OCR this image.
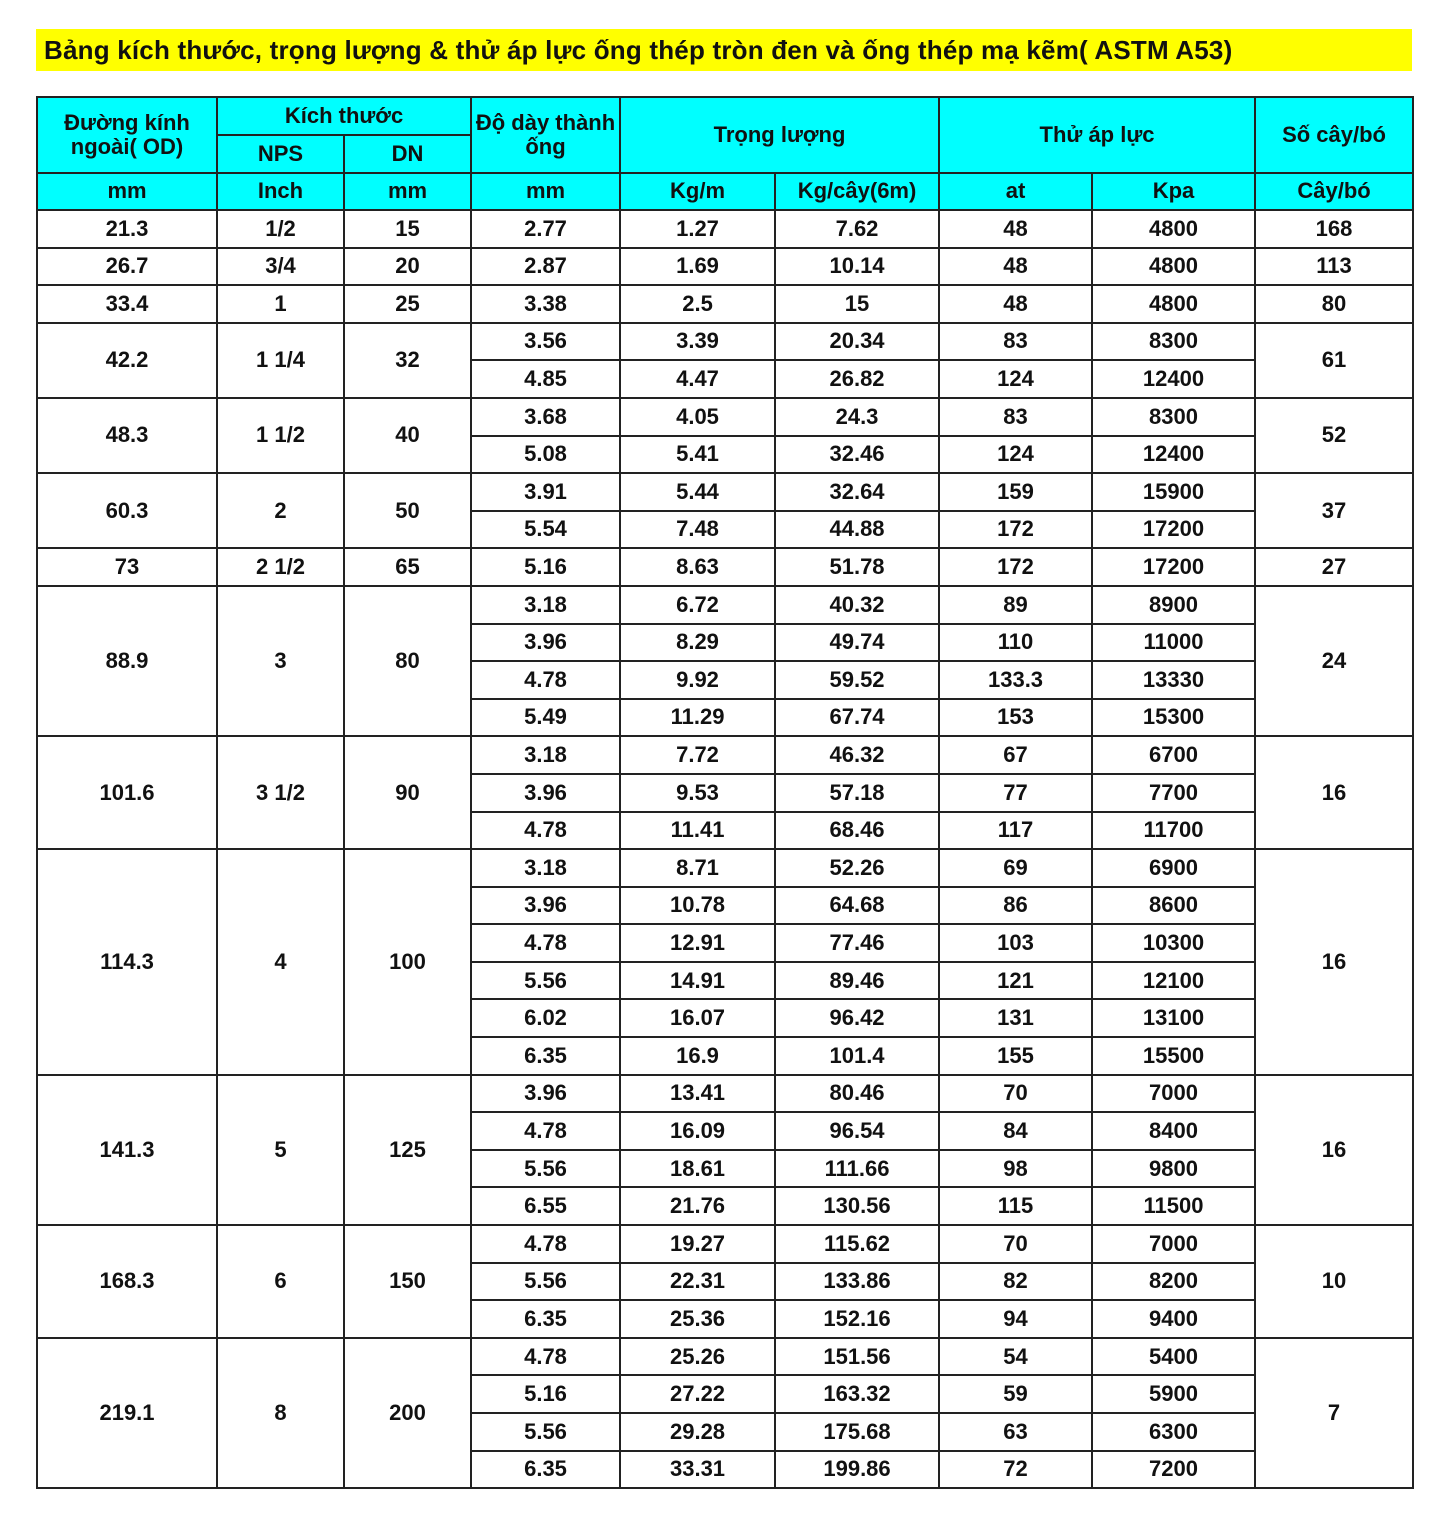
Bảng kích thước, trọng lượng & thử áp lực ống thép tròn đen và ống thép mạ kẽm( ASTM A53)
Đường kính ngoài( OD)	Kích thước		Độ dày thành ống	Trọng lượng		Thử áp lực		Số cây/bó
	NPS	DN						
mm	Inch	mm	mm	Kg/m	Kg/cây(6m)	at	Kpa	Cây/bó
21.3	1/2	15	2.77	1.27	7.62	48	4800	168
26.7	3/4	20	2.87	1.69	10.14	48	4800	113
33.4	1	25	3.38	2.5	15	48	4800	80
42.2	1 1/4	32	3.56	3.39	20.34	83	8300	61
			4.85	4.47	26.82	124	12400	
48.3	1 1/2	40	3.68	4.05	24.3	83	8300	52
			5.08	5.41	32.46	124	12400	
60.3	2	50	3.91	5.44	32.64	159	15900	37
			5.54	7.48	44.88	172	17200	
73	2 1/2	65	5.16	8.63	51.78	172	17200	27
88.9	3	80	3.18	6.72	40.32	89	8900	24
			3.96	8.29	49.74	110	11000	
			4.78	9.92	59.52	133.3	13330	
			5.49	11.29	67.74	153	15300	
101.6	3 1/2	90	3.18	7.72	46.32	67	6700	16
			3.96	9.53	57.18	77	7700	
			4.78	11.41	68.46	117	11700	
114.3	4	100	3.18	8.71	52.26	69	6900	16
			3.96	10.78	64.68	86	8600	
			4.78	12.91	77.46	103	10300	
			5.56	14.91	89.46	121	12100	
			6.02	16.07	96.42	131	13100	
			6.35	16.9	101.4	155	15500	
141.3	5	125	3.96	13.41	80.46	70	7000	16
			4.78	16.09	96.54	84	8400	
			5.56	18.61	111.66	98	9800	
			6.55	21.76	130.56	115	11500	
168.3	6	150	4.78	19.27	115.62	70	7000	10
			5.56	22.31	133.86	82	8200	
			6.35	25.36	152.16	94	9400	
219.1	8	200	4.78	25.26	151.56	54	5400	7
			5.16	27.22	163.32	59	5900	
			5.56	29.28	175.68	63	6300	
			6.35	33.31	199.86	72	7200	
